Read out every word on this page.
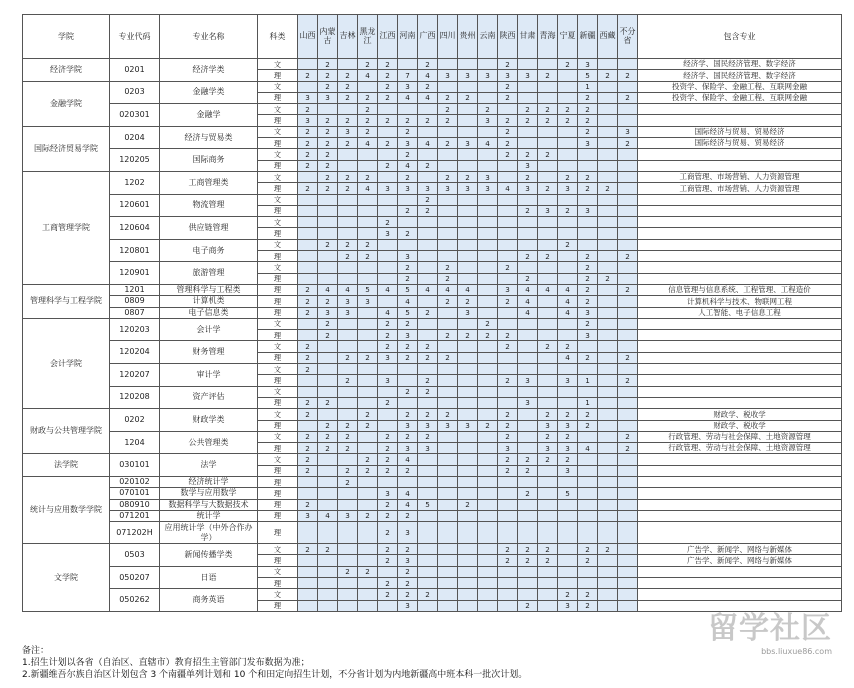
学院	专业代码	专业名称	科类	山西	内蒙古	吉林	黑龙江	江西	河南	广西	四川	贵州	云南	陕西	甘肃	青海	宁夏	新疆	西藏	不分省	包含专业
经济学院	0201	经济学类	文		2		2	2		2				2			2	3			经济学、国民经济管理、数字经济
			理	2	2	2	4	2	7	4	3	3	3	3	3	2		5	2	2	经济学、国民经济管理、数字经济
金融学院	0203	金融学类	文		2	2		2	3	2				2				1			投资学、保险学、金融工程、互联网金融
			理	3	3	2	2	2	4	4	2	2		2				2		2	投资学、保险学、金融工程、互联网金融
	020301	金融学	文	2			2				2		2		2	2	2	2			
			理	3	2	2	2	2	2	2	2		3	2	2	2	2	2			
国际经济贸易学院	0204	经济与贸易类	文	2	2	3	2		2					2				2		3	国际经济与贸易、贸易经济
			理	2	2	2	4	2	3	4	2	3	4	2				3		2	国际经济与贸易、贸易经济
	120205	国际商务	文	2	2				2					2	2	2					
			理	2	2			2	4	2					3						
工商管理学院	1202	工商管理类	文		2	2	2		2		2	2	3		2		2	2			工商管理、市场营销、人力资源管理
			理	2	2	2	4	3	3	3	3	3	3	4	3	2	3	2	2		工商管理、市场营销、人力资源管理
	120601	物流管理	文							2											
			理						2	2					2	3	2	3			
	120604	供应链管理	文					2													
			理					3	2												
	120801	电子商务	文		2	2	2										2				
			理			2	2		3						2	2		2		2	
	120901	旅游管理	文						2		2			2				2			
			理						2		2				2			2	2		
管理科学与工程学院	1201	管理科学与工程类	理	2	4	4	5	4	5	4	4	4		3	4	4	4	2		2	信息管理与信息系统、工程管理、工程造价
	0809	计算机类	理	2	2	3	3		4		2	2		2	4		4	2			计算机科学与技术、物联网工程
	0807	电子信息类	理	2	3	3		4	5	2		3			4		4	3			人工智能、电子信息工程
会计学院	120203	会计学	文		2			2	2				2					2			
			理		2			2	3		2	2	2	2				3			
	120204	财务管理	文	2				2	2	2				2		2	2				
			理	2		2	2	3	2	2	2						4	2		2	
	120207	审计学	文	2																	
			理			2		3		2				2	3		3	1		2	
	120208	资产评估	文						2	2											
			理	2	2			2							3			1			
财政与公共管理学院	0202	财政学类	文	2			2		2	2	2			2		2	2	2			财政学、税收学
			理		2	2	2		3	3	3	3	2	2		3	3	2			财政学、税收学
	1204	公共管理类	文	2	2	2		2	2	2				2		2	2			2	行政管理、劳动与社会保障、土地资源管理
			理	2	2	2		2	3	3				3		3	3	4		2	行政管理、劳动与社会保障、土地资源管理
法学院	030101	法学	文	2			2	2	4					2	2	2	2				
			理	2		2	2	2	2					2	2		3				
统计与应用数学学院	020102	经济统计学	理			2															
	070101	数学与应用数学	理					3	4						2		5				
	080910	数据科学与大数据技术	理	2				2	4	5		2									
	071201	统计学	理	3	4	3	2	2	2												
	071202H	应用统计学（中外合作办学）	理					2	3												
文学院	0503	新闻传播学类	文	2	2			2	2					2	2	2		2	2		广告学、新闻学、网络与新媒体
			理					2	3					2	2	2		2			广告学、新闻学、网络与新媒体
	050207	日语	文			2	2		2												
			理					2	2												
	050262	商务英语	文					2	2	2							2	2			
			理						3						2		3	2			
备注：
1.招生计划以各省（自治区、直辖市）教育招生主管部门发布数据为准；
2.新疆维吾尔族自治区计划包含 3 个南疆单列计划和 10 个和田定向招生计划，不分省计划为内地新疆高中班本科一批次计划。
留学社区
bbs.liuxue86.com
